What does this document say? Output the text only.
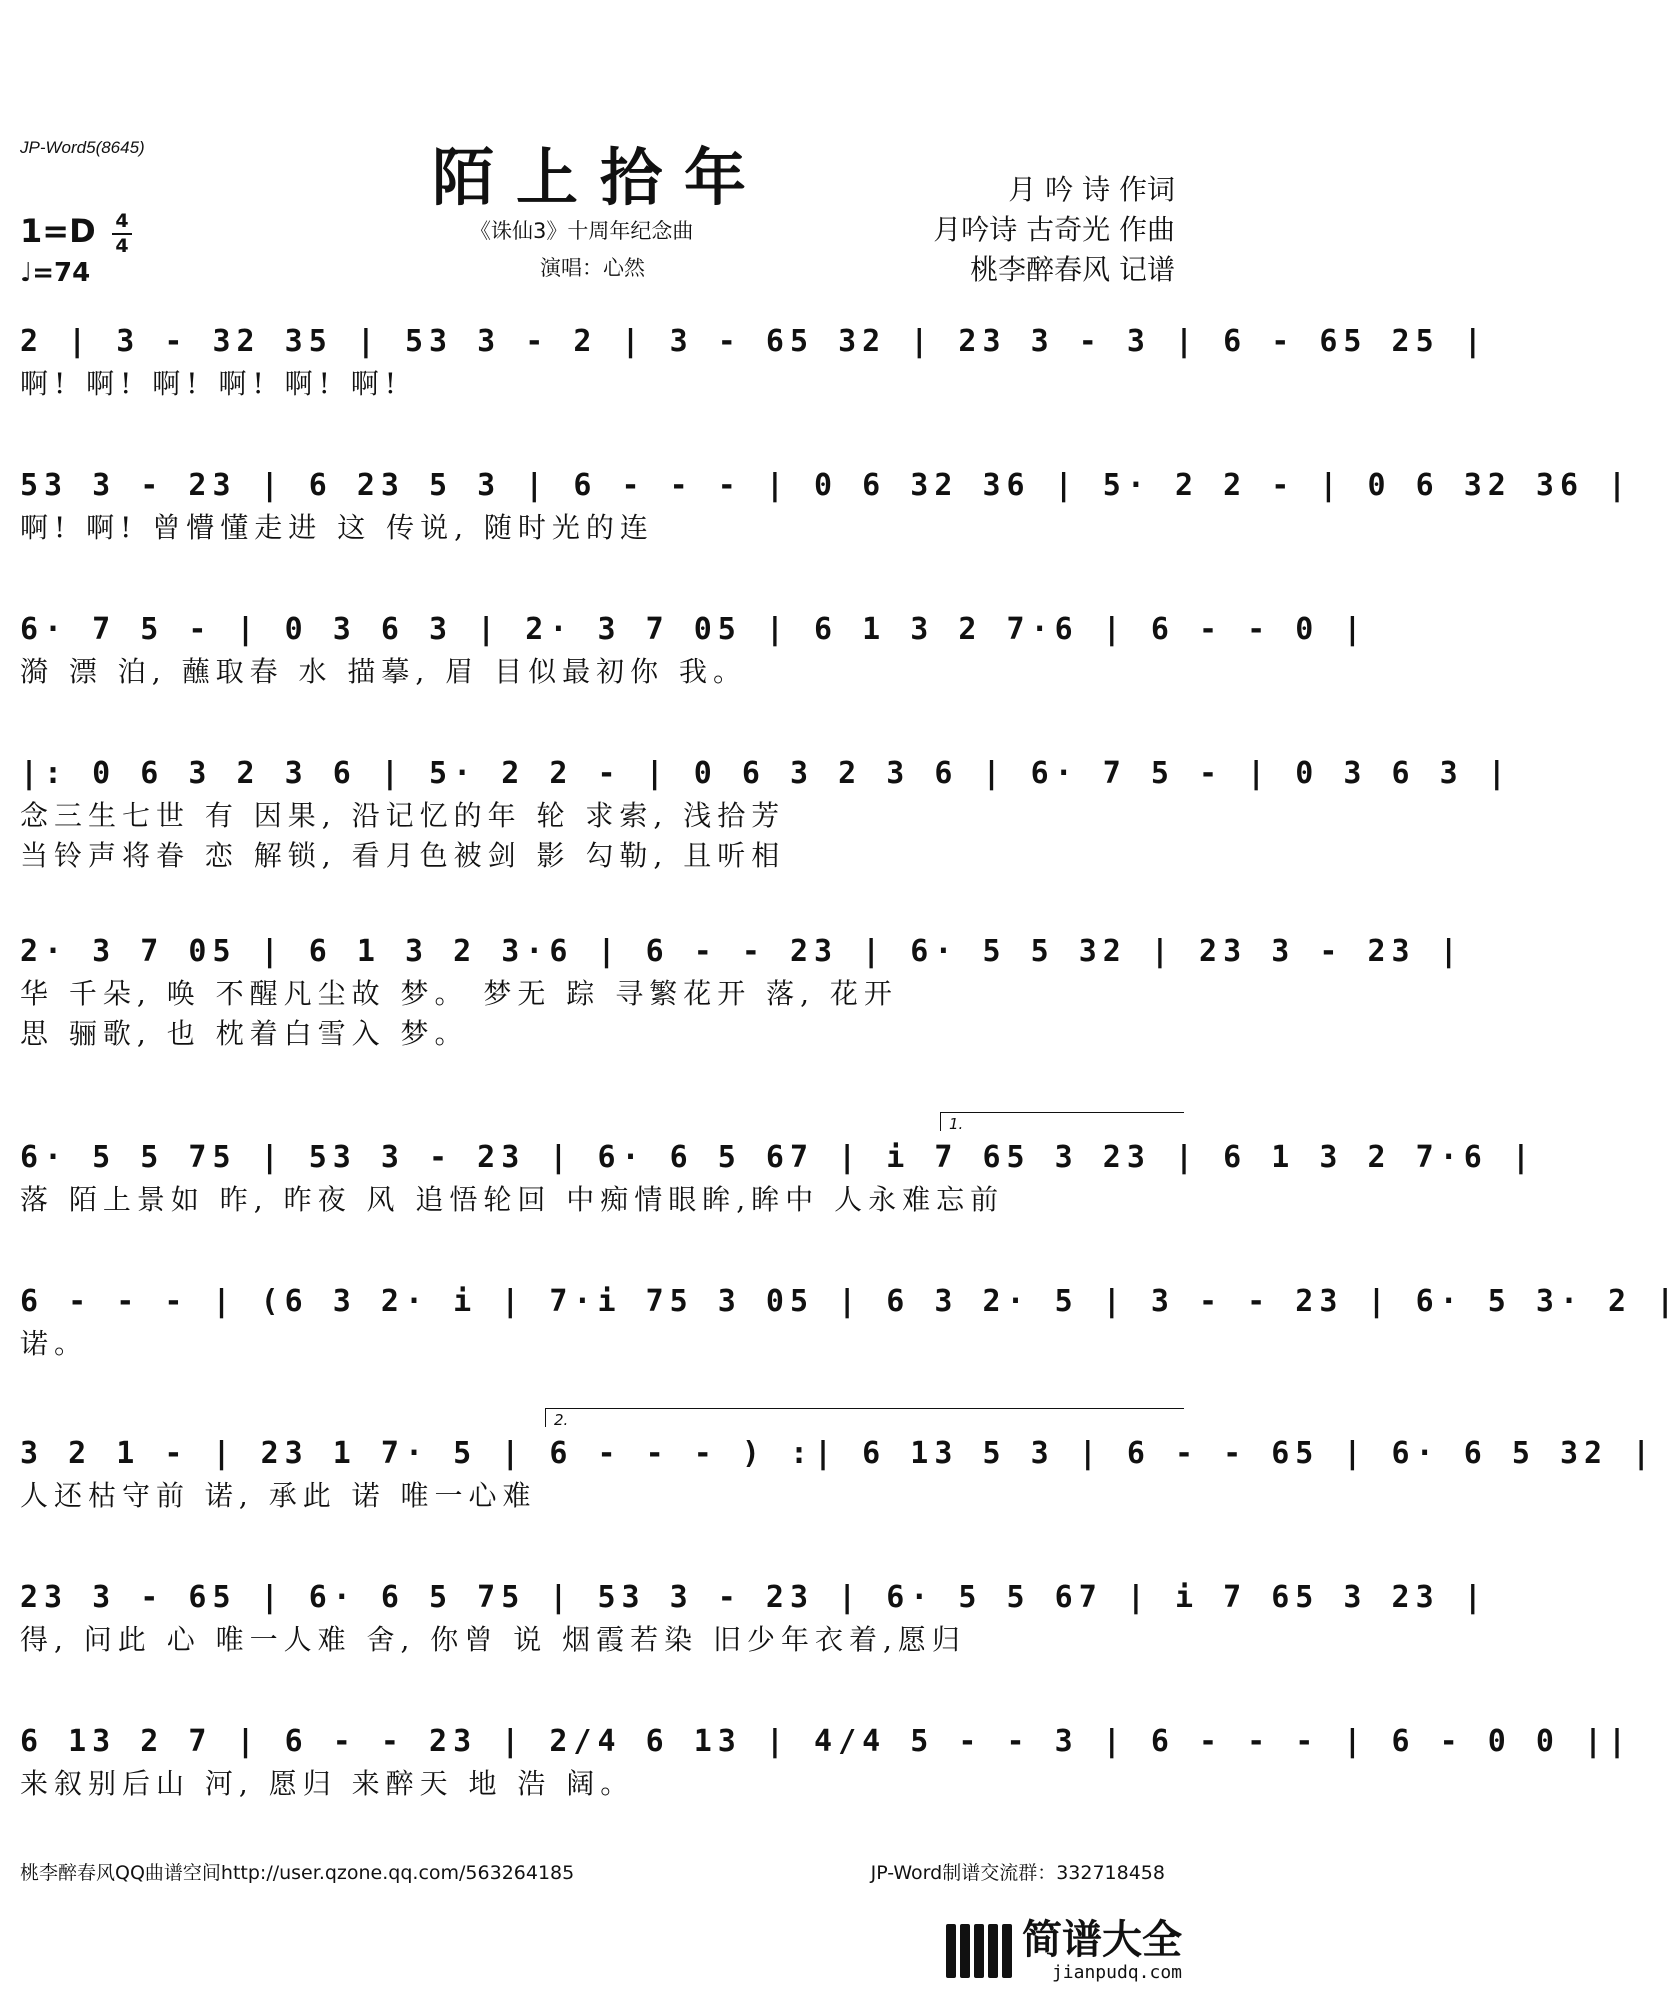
JP-Word5(8645)	陌上拾年
《诛仙3》十周年纪念曲
演唱：心然
月 吟 诗 作词
月吟诗 古奇光 作曲
桃李醉春风 记谱
1=D 4
4
♩=74
2 | 3 - 32 35 | 53 3 - 2 | 3 - 65 32 | 23 3 - 3 | 6 - 65 25 |
啊! 啊! 啊! 啊! 啊! 啊!
53 3 - 23 | 6 23 5 3 | 6 - - - | 0 6 32 36 | 5· 2 2 - | 0 6 32 36 |
啊! 啊! 曾懵懂走进 这 传说, 随时光的连
6· 7 5 - | 0 3 6 3 | 2· 3 7 05 | 6 1 3 2 7·6 | 6 - - 0 |
漪 漂 泊, 蘸取春 水 描摹, 眉 目似最初你 我。
|: 0 6 3 2 3 6 | 5· 2 2 - | 0 6 3 2 3 6 | 6· 7 5 - | 0 3 6 3 |
念三生七世 有 因果, 沿记忆的年 轮 求索, 浅拾芳
当铃声将眷 恋 解锁, 看月色被剑 影 勾勒, 且听相
2· 3 7 05 | 6 1 3 2 3·6 | 6 - - 23 | 6· 5 5 32 | 23 3 - 23 |
华 千朵, 唤 不醒凡尘故 梦。 梦无 踪 寻繁花开 落, 花开
思 骊歌, 也 枕着白雪入 梦。
1.
6· 5 5 75 | 53 3 - 23 | 6· 6 5 67 | i 7 65 3 23 | 6 1 3 2 7·6 |
落 陌上景如 昨, 昨夜 风 追悟轮回 中痴情眼眸,眸中 人永难忘前
6 - - - | (6 3 2· i | 7·i 75 3 05 | 6 3 2· 5 | 3 - - 23 | 6· 5 3· 2 |
诺。
2.
3 2 1 - | 23 1 7· 5 | 6 - - - ) :| 6 13 5 3 | 6 - - 65 | 6· 6 5 32 |
人还枯守前 诺, 承此 诺 唯一心难
23 3 - 65 | 6· 6 5 75 | 53 3 - 23 | 6· 5 5 67 | i 7 65 3 23 |
得, 问此 心 唯一人难 舍, 你曾 说 烟霞若染 旧少年衣着,愿归
6 13 2 7 | 6 - - 23 | 2/4 6 13 | 4/4 5 - - 3 | 6 - - - | 6 - 0 0 ||
来叙别后山 河, 愿归 来醉天 地 浩 阔。
桃李醉春风QQ曲谱空间http://user.qzone.qq.com/563264185	JP-Word制谱交流群：332718458
简谱大全
jianpudq.com
